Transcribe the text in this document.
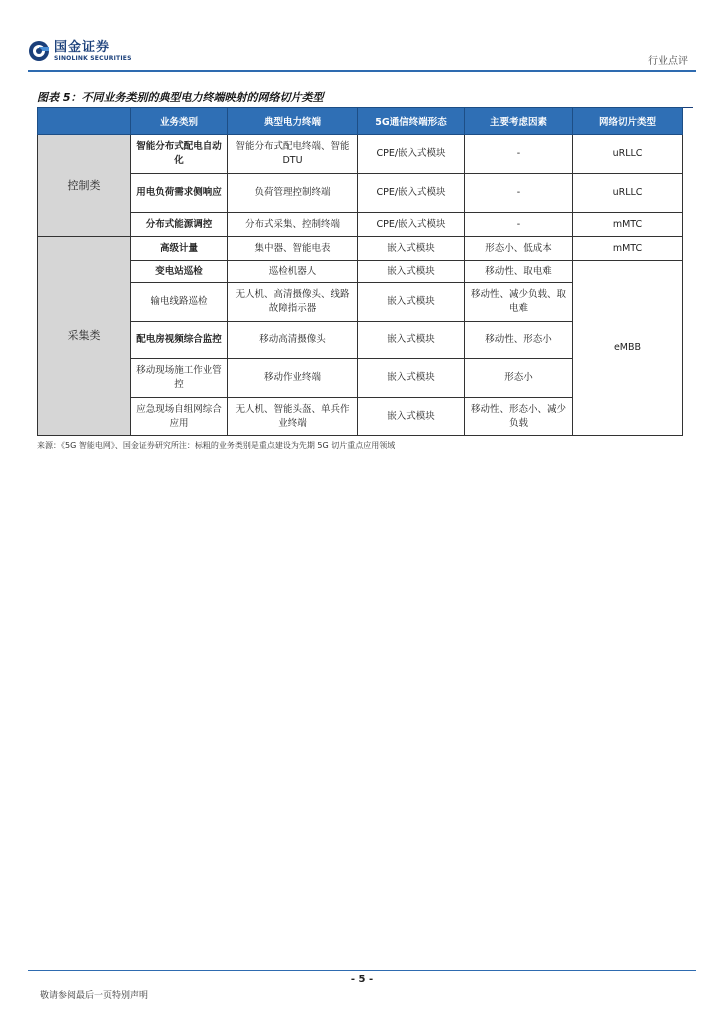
国金证券
SINOLINK SECURITIES	行业点评
图表 5：不同业务类别的典型电力终端映射的网络切片类型
	业务类别	典型电力终端	5G通信终端形态	主要考虑因素	网络切片类型
控制类	智能分布式配电自动化	智能分布式配电终端、智能 DTU	CPE/嵌入式模块	-	uRLLC
	用电负荷需求侧响应	负荷管理控制终端	CPE/嵌入式模块	-	uRLLC
	分布式能源调控	分布式采集、控制终端	CPE/嵌入式模块	-	mMTC
采集类	高级计量	集中器、智能电表	嵌入式模块	形态小、低成本	mMTC
	变电站巡检	巡检机器人	嵌入式模块	移动性、取电难	eMBB
	输电线路巡检	无人机、高清摄像头、线路故障指示器	嵌入式模块	移动性、减少负载、取电难	
	配电房视频综合监控	移动高清摄像头	嵌入式模块	移动性、形态小	
	移动现场施工作业管控	移动作业终端	嵌入式模块	形态小	
	应急现场自组网综合应用	无人机、智能头盔、单兵作业终端	嵌入式模块	移动性、形态小、减少负载	
来源：《5G 智能电网》、国金证券研究所注：标粗的业务类别是重点建设为先期 5G 切片重点应用领域
- 5 -
敬请参阅最后一页特别声明
